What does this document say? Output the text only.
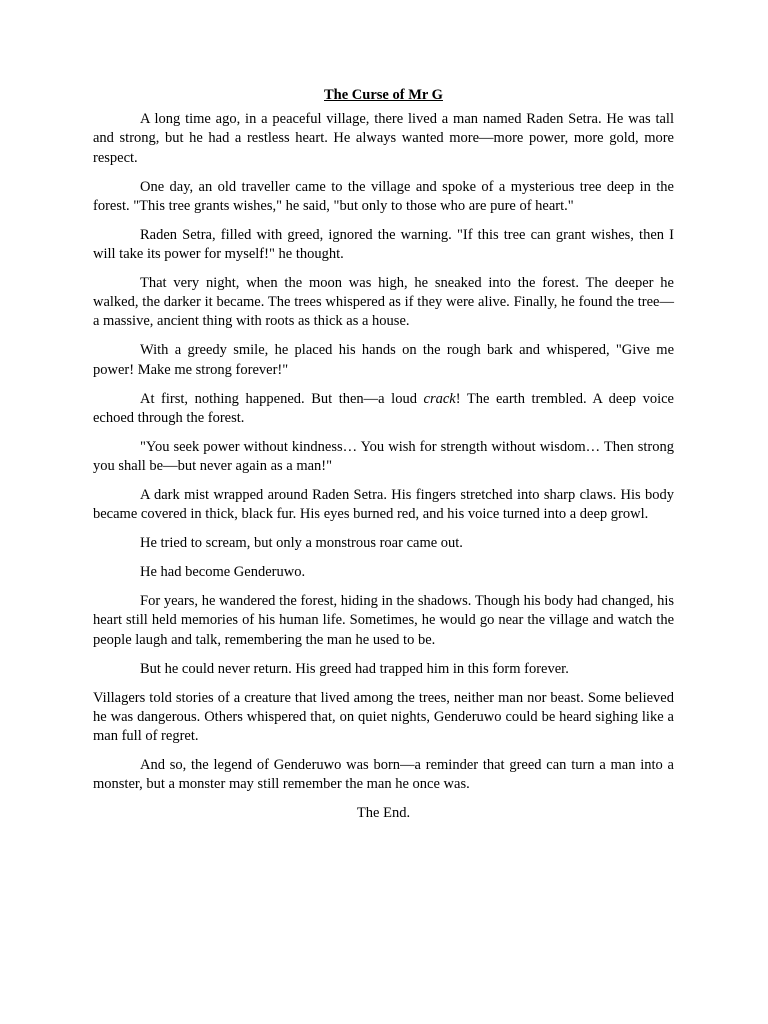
The Curse of Mr G

A long time ago, in a peaceful village, there lived a man named Raden Setra. He was tall and strong, but he had a restless heart. He always wanted more—more power, more gold, more respect.

One day, an old traveller came to the village and spoke of a mysterious tree deep in the forest. "This tree grants wishes," he said, "but only to those who are pure of heart."

Raden Setra, filled with greed, ignored the warning. "If this tree can grant wishes, then I will take its power for myself!" he thought.

That very night, when the moon was high, he sneaked into the forest. The deeper he walked, the darker it became. The trees whispered as if they were alive. Finally, he found the tree—a massive, ancient thing with roots as thick as a house.

With a greedy smile, he placed his hands on the rough bark and whispered, "Give me power! Make me strong forever!"

At first, nothing happened. But then—a loud crack! The earth trembled. A deep voice echoed through the forest.

"You seek power without kindness… You wish for strength without wisdom… Then strong you shall be—but never again as a man!"

A dark mist wrapped around Raden Setra. His fingers stretched into sharp claws. His body became covered in thick, black fur. His eyes burned red, and his voice turned into a deep growl.

He tried to scream, but only a monstrous roar came out.

He had become Genderuwo.

For years, he wandered the forest, hiding in the shadows. Though his body had changed, his heart still held memories of his human life. Sometimes, he would go near the village and watch the people laugh and talk, remembering the man he used to be.

But he could never return. His greed had trapped him in this form forever.

Villagers told stories of a creature that lived among the trees, neither man nor beast. Some believed he was dangerous. Others whispered that, on quiet nights, Genderuwo could be heard sighing like a man full of regret.

And so, the legend of Genderuwo was born—a reminder that greed can turn a man into a monster, but a monster may still remember the man he once was.

The End.
